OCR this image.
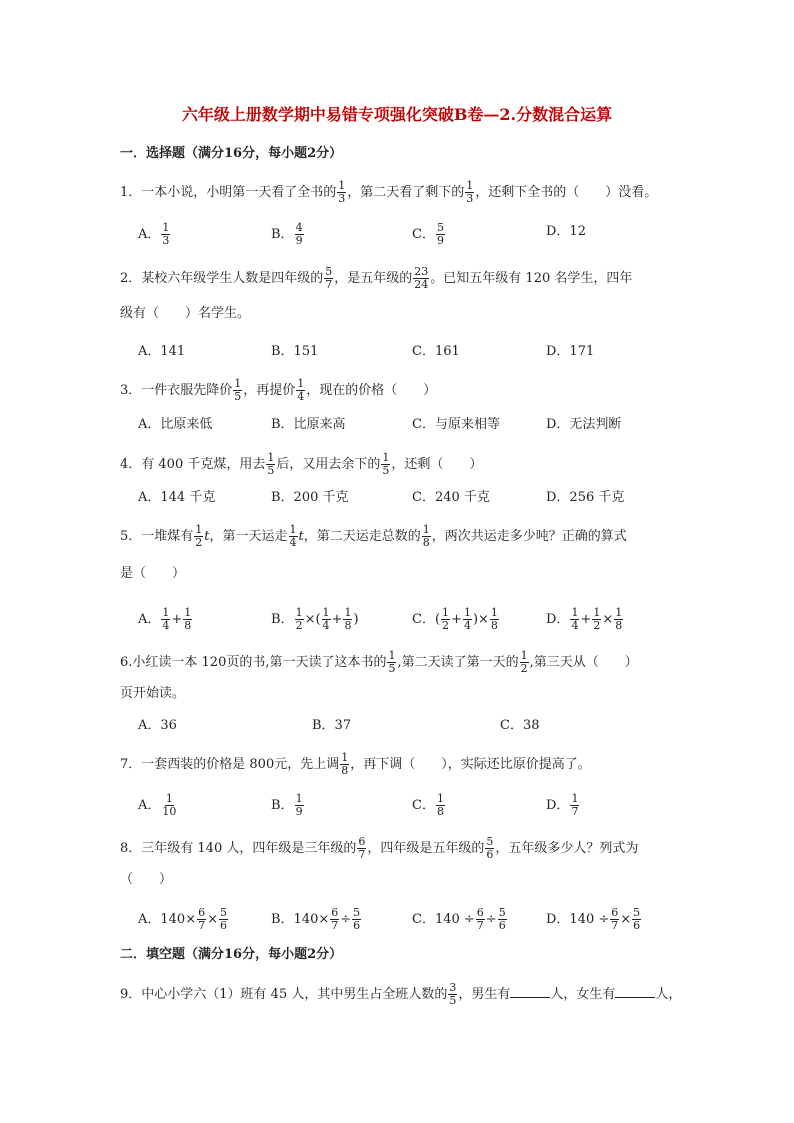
六年级上册数学期中易错专项强化突破B卷—2.分数混合运算
一．选择题（满分16分，每小题2分）
1．一本小说，小明第一天看了全书的 $\frac{1}{3}$ ，第二天看了剩下的 $\frac{1}{3}$ ，还剩下全书的（　　）没看。
A． $\frac{1}{3}$	B． $\frac{4}{9}$	C． $\frac{5}{9}$	D．12
2．某校六年级学生人数是四年级的 $\frac{5}{7}$ ，是五年级的 $\frac{23}{24}$ 。已知五年级有 120 名学生，四年
级有（　　）名学生。
A．141	B．151	C．161	D．171
3．一件衣服先降价 $\frac{1}{5}$ ，再提价 $\frac{1}{4}$ ，现在的价格（　　）
A．比原来低	B．比原来高	C．与原来相等	D．无法判断
4．有 400 千克煤，用去 $\frac{1}{5}$ 后，又用去余下的 $\frac{1}{5}$ ，还剩（　　）
A．144 千克	B．200 千克	C．240 千克	D．256 千克
5．一堆煤有 $\frac{1}{2}$ t，第一天运走 $\frac{1}{4}$ t，第二天运走总数的 $\frac{1}{8}$ ，两次共运走多少吨？正确的算式
是（　　）
A． $\frac{1}{4} + \frac{1}{8}$	B． $\frac{1}{2}$ ×( $\frac{1}{4} + \frac{1}{8}$ )	C．( $\frac{1}{2} + \frac{1}{4}$ )× $\frac{1}{8}$	D． $\frac{1}{4} + \frac{1}{2} \times \frac{1}{8}$
6.小红读一本 120页的书,第一天读了这本书的 $\frac{1}{5}$ ,第二天读了第一天的 $\frac{1}{2}$ ,第三天从（　　）
页开始读。
A．36	B．37	C．38
7．一套西装的价格是 800元，先上调 $\frac{1}{8}$ ，再下调（　　），实际还比原价提高了。
A． $\frac{1}{10}$	B． $\frac{1}{9}$	C． $\frac{1}{8}$	D． $\frac{1}{7}$
8．三年级有 140 人，四年级是三年级的 $\frac{6}{7}$ ，四年级是五年级的 $\frac{5}{6}$ ，五年级多少人？列式为
（　　）
A．$140\times \frac{6}{7} \times \frac{5}{6}$	B．$140\times \frac{6}{7} \div \frac{5}{6}$	C．$140 \div \frac{6}{7} \div \frac{5}{6}$	D．$140 \div \frac{6}{7} \times \frac{5}{6}$
二．填空题（满分16分，每小题2分）
9．中心小学六（1）班有 45 人，其中男生占全班人数的 $\frac{3}{5}$ ，男生有	人，女生有	人，
